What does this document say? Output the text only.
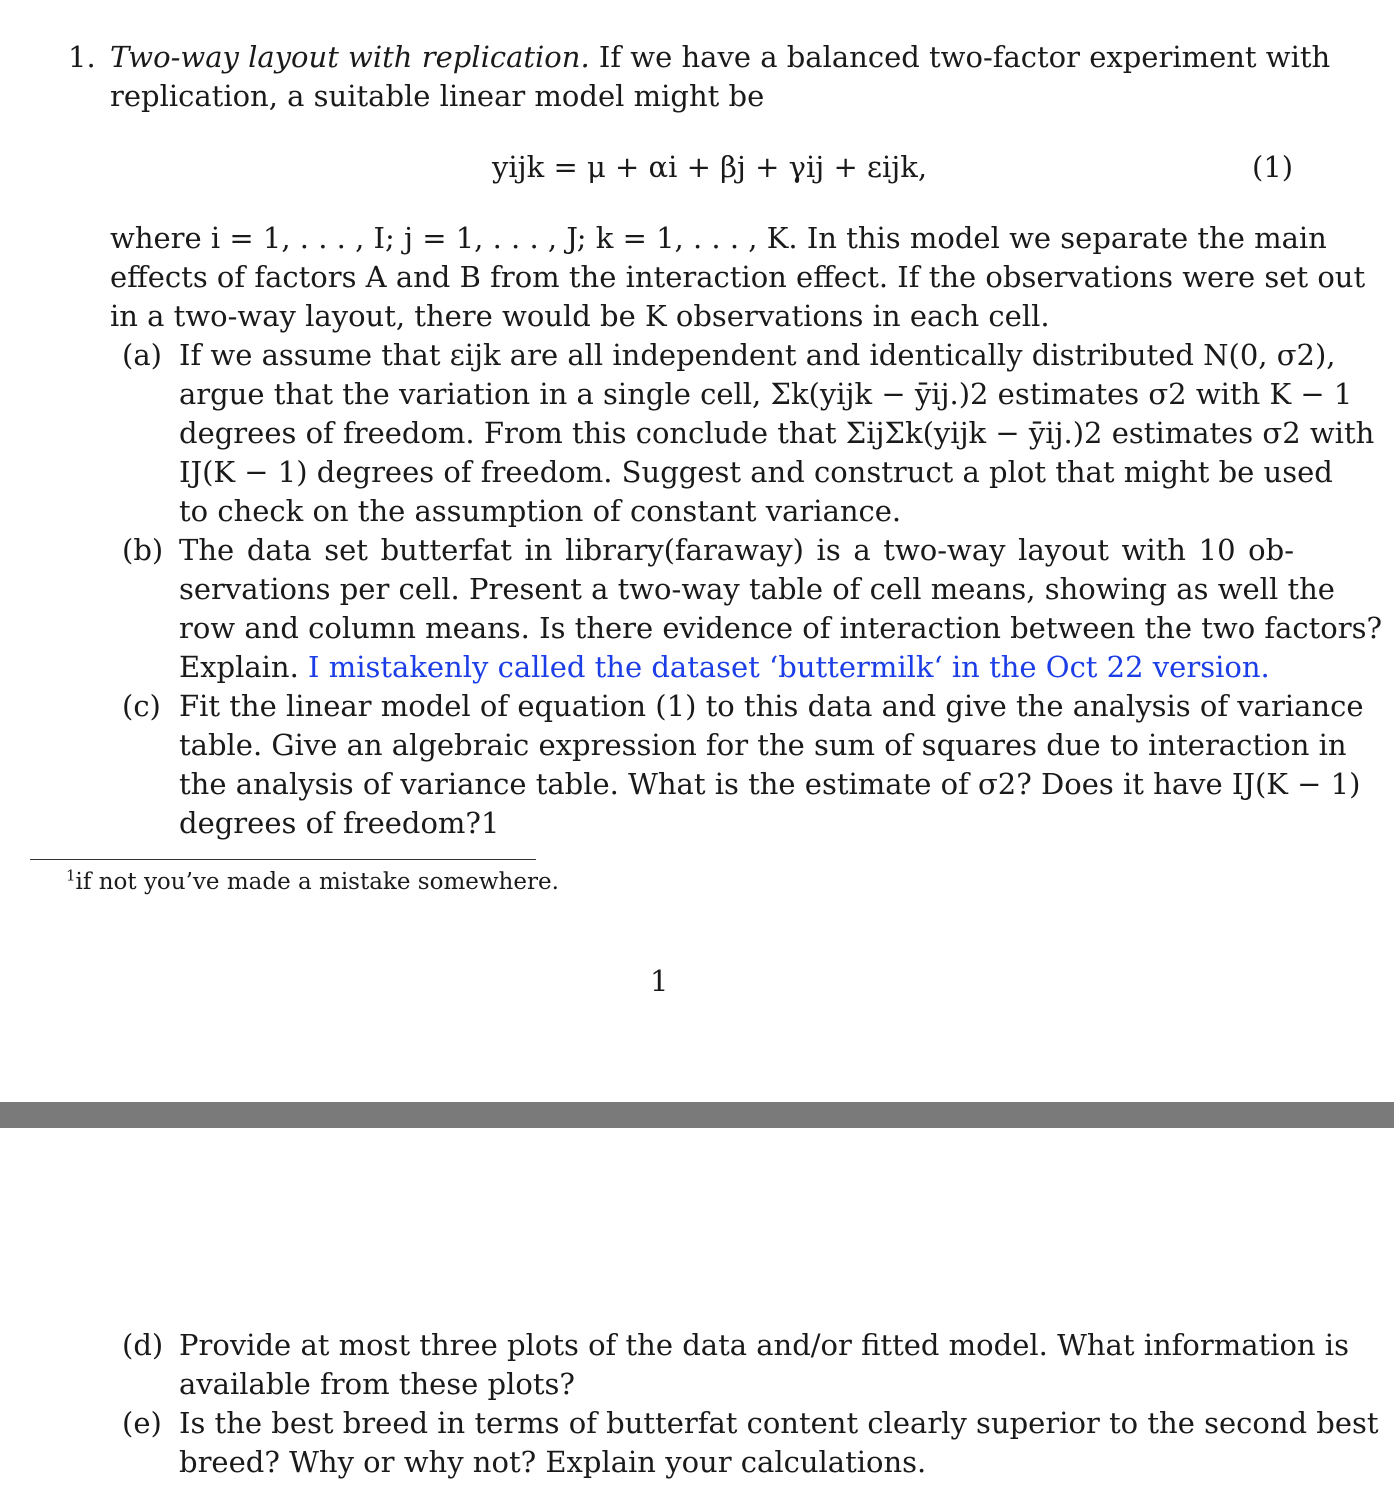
1. Two-way layout with replication. If we have a balanced two-factor experiment with
replication, a suitable linear model might be
yijk = μ + αi + βj + γij + εijk,	(1)
where i = 1, . . . , I; j = 1, . . . , J; k = 1, . . . , K. In this model we separate the main
effects of factors A and B from the interaction effect. If the observations were set out
in a two-way layout, there would be K observations in each cell.
(a) If we assume that εijk are all independent and identically distributed N(0, σ2),
argue that the variation in a single cell, Σk(yijk − ȳij.)2 estimates σ2 with K − 1
degrees of freedom. From this conclude that ΣijΣk(yijk − ȳij.)2 estimates σ2 with
IJ(K − 1) degrees of freedom. Suggest and construct a plot that might be used
to check on the assumption of constant variance.
(b) The data set butterfat in library(faraway) is a two-way layout with 10 ob-
servations per cell. Present a two-way table of cell means, showing as well the
row and column means. Is there evidence of interaction between the two factors?
Explain. I mistakenly called the dataset ‘buttermilk‘ in the Oct 22 version.
(c) Fit the linear model of equation (1) to this data and give the analysis of variance
table. Give an algebraic expression for the sum of squares due to interaction in
the analysis of variance table. What is the estimate of σ2? Does it have IJ(K − 1)
degrees of freedom?1
$^1$if not you’ve made a mistake somewhere.
1
(d) Provide at most three plots of the data and/or fitted model. What information is
available from these plots?
(e) Is the best breed in terms of butterfat content clearly superior to the second best
breed? Why or why not? Explain your calculations.
